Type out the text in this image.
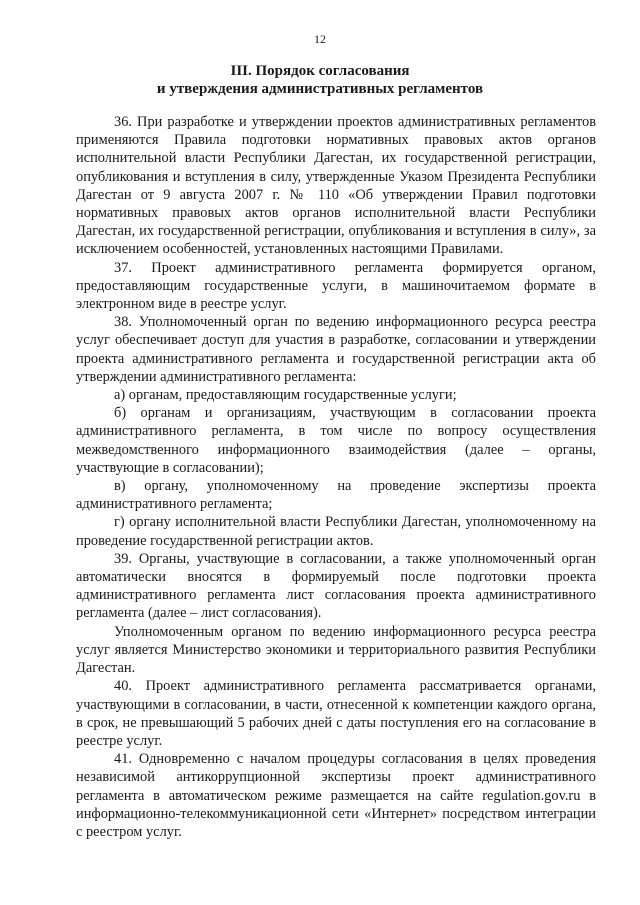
12
III. Порядок согласования
и утверждения административных регламентов

36. При разработке и утверждении проектов административных регламентов применяются Правила подготовки нормативных правовых актов органов исполнительной власти Республики Дагестан, их государственной регистрации, опубликования и вступления в силу, утвержденные Указом Президента Республики Дагестан от 9 августа 2007 г. № 110 «Об утверждении Правил подготовки нормативных правовых актов органов исполнительной власти Республики Дагестан, их государственной регистрации, опубликования и вступления в силу», за исключением особенностей, установленных настоящими Правилами.

37. Проект административного регламента формируется органом, предоставляющим государственные услуги, в машиночитаемом формате в электронном виде в реестре услуг.

38. Уполномоченный орган по ведению информационного ресурса реестра услуг обеспечивает доступ для участия в разработке, согласовании и утверждении проекта административного регламента и государственной регистрации акта об утверждении административного регламента:

а) органам, предоставляющим государственные услуги;

б) органам и организациям, участвующим в согласовании проекта административного регламента, в том числе по вопросу осуществления межведомственного информационного взаимодействия (далее – органы, участвующие в согласовании);

в) органу, уполномоченному на проведение экспертизы проекта административного регламента;

г) органу исполнительной власти Республики Дагестан, уполномоченному на проведение государственной регистрации актов.

39. Органы, участвующие в согласовании, а также уполномоченный орган автоматически вносятся в формируемый после подготовки проекта административного регламента лист согласования проекта административного регламента (далее – лист согласования).

Уполномоченным органом по ведению информационного ресурса реестра услуг является Министерство экономики и территориального развития Республики Дагестан.

40. Проект административного регламента рассматривается органами, участвующими в согласовании, в части, отнесенной к компетенции каждого органа, в срок, не превышающий 5 рабочих дней с даты поступления его на согласование в реестре услуг.

41. Одновременно с началом процедуры согласования в целях проведения независимой антикоррупционной экспертизы проект административного регламента в автоматическом режиме размещается на сайте regulation.gov.ru в информационно-телекоммуникационной сети «Интернет» посредством интеграции с реестром услуг.
